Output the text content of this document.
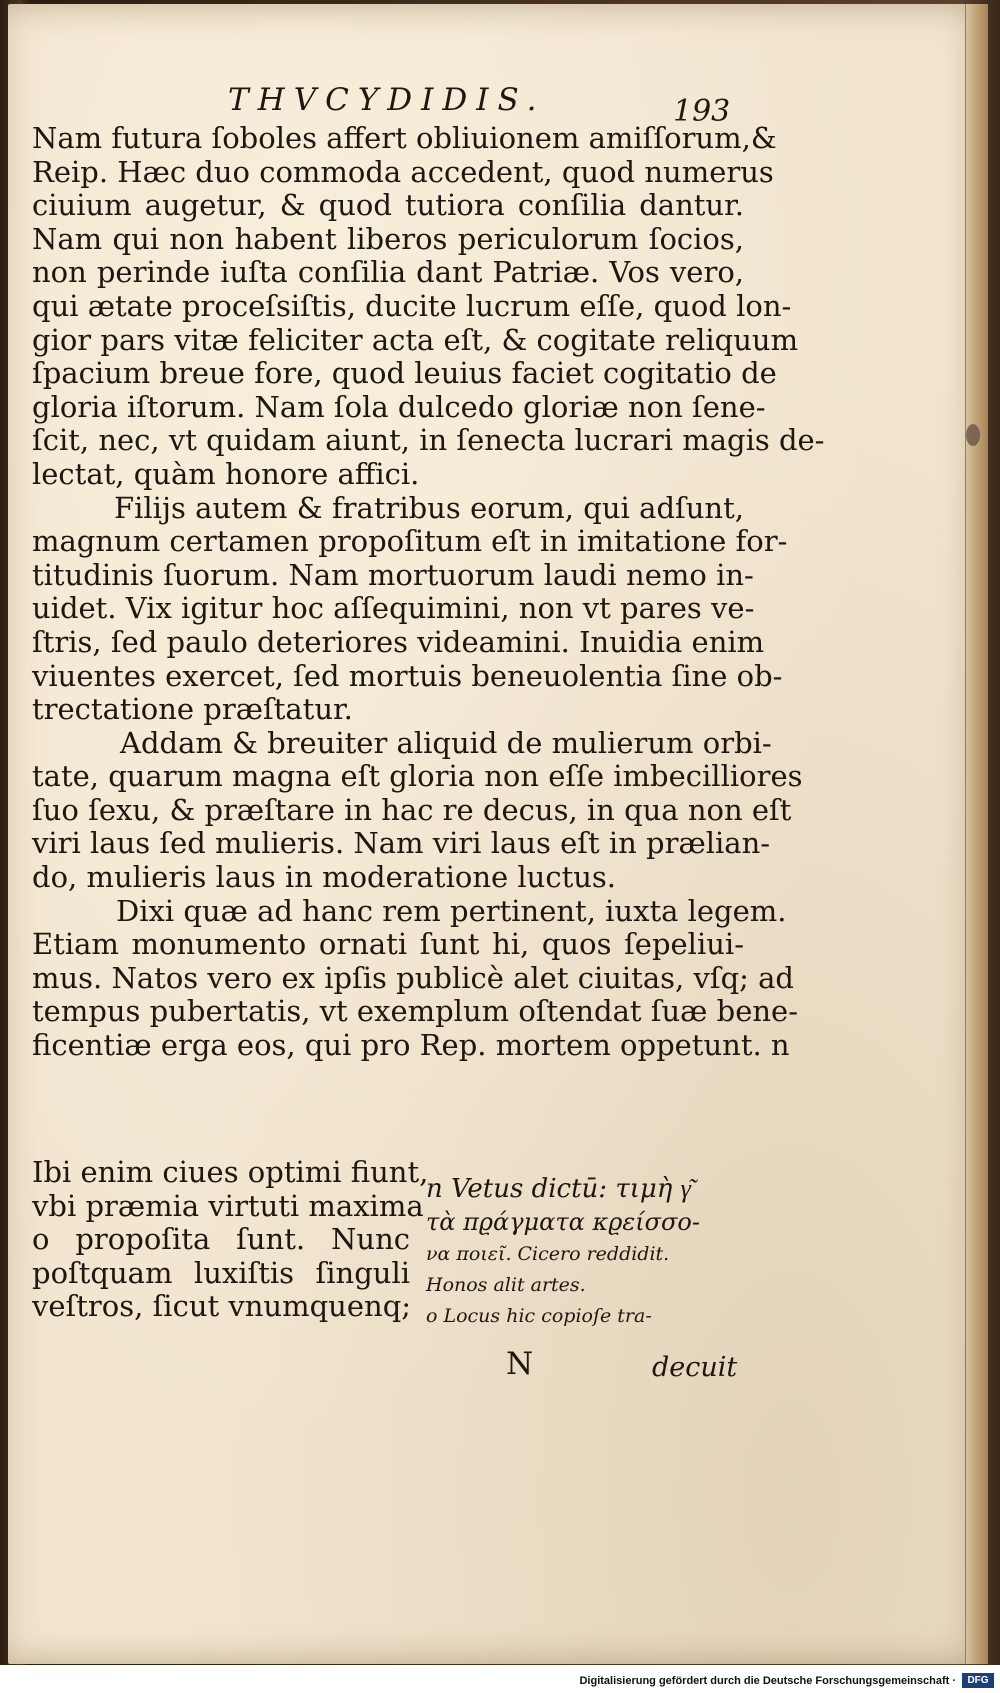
THVCYDIDIS.	193
Nam futura ſoboles affert obliuionem amiſſorum,&
Reip. Hæc duo commoda accedent, quod numerus
ciuium augetur, & quod tutiora conſilia dantur.
Nam qui non habent liberos periculorum ſocios,
non perinde iuſta conſilia dant Patriæ. Vos vero,
qui ætate proceſsiſtis, ducite lucrum eſſe, quod lon-
gior pars vitæ feliciter acta eſt, & cogitate reliquum
ſpacium breue fore, quod leuius faciet cogitatio de
gloria iſtorum. Nam ſola dulcedo gloriæ non ſene-
ſcit, nec, vt quidam aiunt, in ſenecta lucrari magis de-
lectat, quàm honore affici.
Filijs autem & fratribus eorum, qui adſunt,
magnum certamen propoſitum eſt in imitatione for-
titudinis ſuorum. Nam mortuorum laudi nemo in-
uidet. Vix igitur hoc aſſequimini, non vt pares ve-
ſtris, ſed paulo deteriores videamini. Inuidia enim
viuentes exercet, ſed mortuis beneuolentia ſine ob-
trectatione præſtatur.
Addam & breuiter aliquid de mulierum orbi-
tate, quarum magna eſt gloria non eſſe imbecilliores
ſuo ſexu, & præſtare in hac re decus, in qua non eſt
viri laus ſed mulieris. Nam viri laus eſt in prælian-
do, mulieris laus in moderatione luctus.
Dixi quæ ad hanc rem pertinent, iuxta legem.
Etiam monumento ornati ſunt hi, quos ſepeliui-
mus. Natos vero ex ipſis publicè alet ciuitas, vſq; ad
tempus pubertatis, vt exemplum oſtendat ſuæ bene-
ficentiæ erga eos, qui pro Rep. mortem oppetunt. n
Ibi enim ciues optimi fiunt,
vbi præmia virtuti maxima
o propoſita ſunt. Nunc
poſtquam luxiſtis ſinguli
veſtros, ſicut vnumquenq;
n Vetus dictū: τιμὴ γ͂
τὰ πϱάγματα κϱείσσο-
να ποιεῖ. Cicero reddidit.
Honos alit artes.
o Locus hic copioſe tra-
N	decuit
Digitalisierung gefördert durch die Deutsche Forschungsgemeinschaft ·	DFG
